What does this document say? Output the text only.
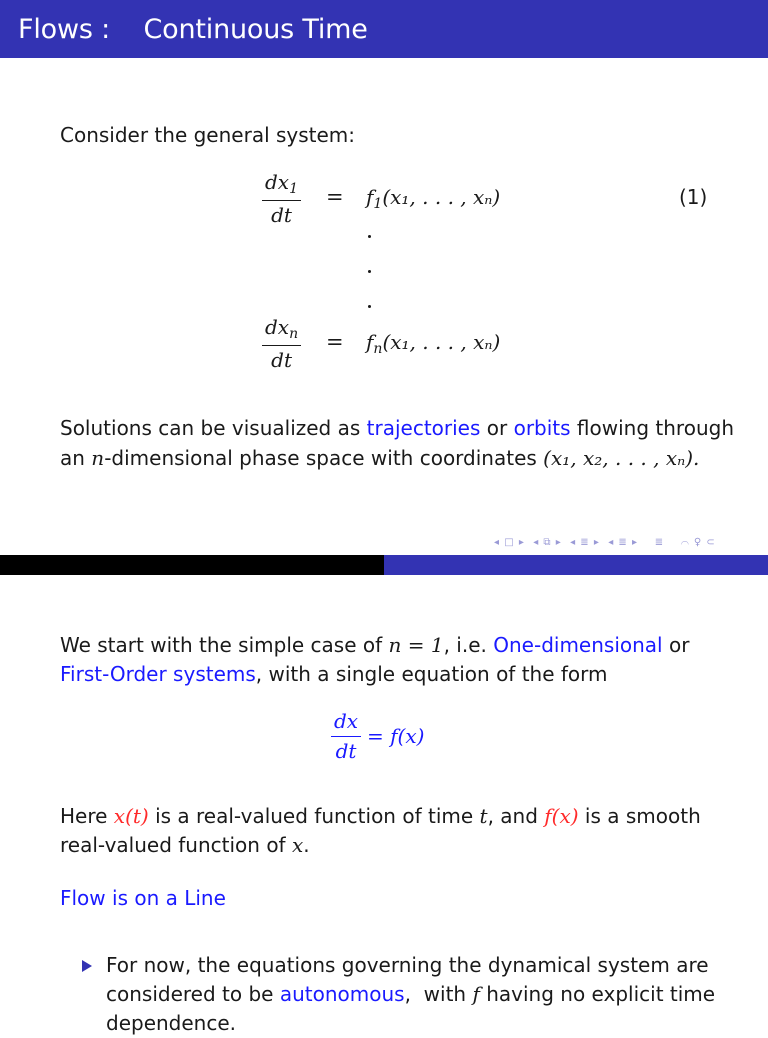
Flows :    Continuous Time
Consider the general system:
$dx_1$
dt
= $f_1(x_1$, . . . , xₙ)	(1)
$dx_n$
dt
= $f_n(x_1$, . . . , xₙ)
Solutions can be visualized as trajectories or orbits flowing through
an n-dimensional phase space with coordinates (x₁, x₂, . . . , xₙ).
◂ □ ▸  ◂ ⧉ ▸  ◂ ≣ ▸  ◂ ≣ ▸    ≣    ⌒ ♀ ⊂
We start with the simple case of n = 1, i.e. One-dimensional or
First-Order systems, with a single equation of the form
dx
dt
= f(x)
Here x(t) is a real-valued function of time t, and f(x) is a smooth
real-valued function of x.
Flow is on a Line
For now, the equations governing the dynamical system are
considered to be autonomous,  with f having no explicit time
dependence.
